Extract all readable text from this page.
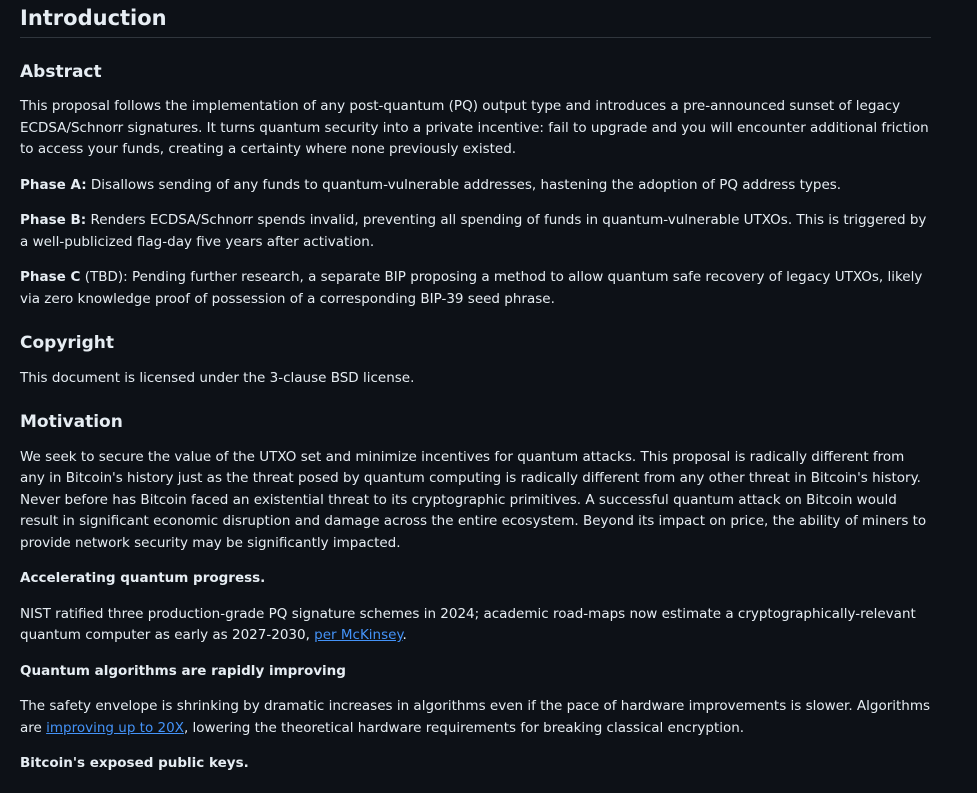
Introduction
Abstract

This proposal follows the implementation of any post-quantum (PQ) output type and introduces a pre-announced sunset of legacy ECDSA/Schnorr signatures. It turns quantum security into a private incentive: fail to upgrade and you will encounter additional friction to access your funds, creating a certainty where none previously existed.

Phase A: Disallows sending of any funds to quantum-vulnerable addresses, hastening the adoption of PQ address types.

Phase B: Renders ECDSA/Schnorr spends invalid, preventing all spending of funds in quantum-vulnerable UTXOs. This is triggered by a well-publicized flag-day five years after activation.

Phase C (TBD): Pending further research, a separate BIP proposing a method to allow quantum safe recovery of legacy UTXOs, likely via zero knowledge proof of possession of a corresponding BIP-39 seed phrase.

Copyright

This document is licensed under the 3-clause BSD license.

Motivation

We seek to secure the value of the UTXO set and minimize incentives for quantum attacks. This proposal is radically different from any in Bitcoin's history just as the threat posed by quantum computing is radically different from any other threat in Bitcoin's history. Never before has Bitcoin faced an existential threat to its cryptographic primitives. A successful quantum attack on Bitcoin would result in significant economic disruption and damage across the entire ecosystem. Beyond its impact on price, the ability of miners to provide network security may be significantly impacted.

Accelerating quantum progress.

NIST ratified three production-grade PQ signature schemes in 2024; academic road-maps now estimate a cryptographically-relevant quantum computer as early as 2027-2030, per McKinsey.

Quantum algorithms are rapidly improving

The safety envelope is shrinking by dramatic increases in algorithms even if the pace of hardware improvements is slower. Algorithms are improving up to 20X, lowering the theoretical hardware requirements for breaking classical encryption.

Bitcoin's exposed public keys.
